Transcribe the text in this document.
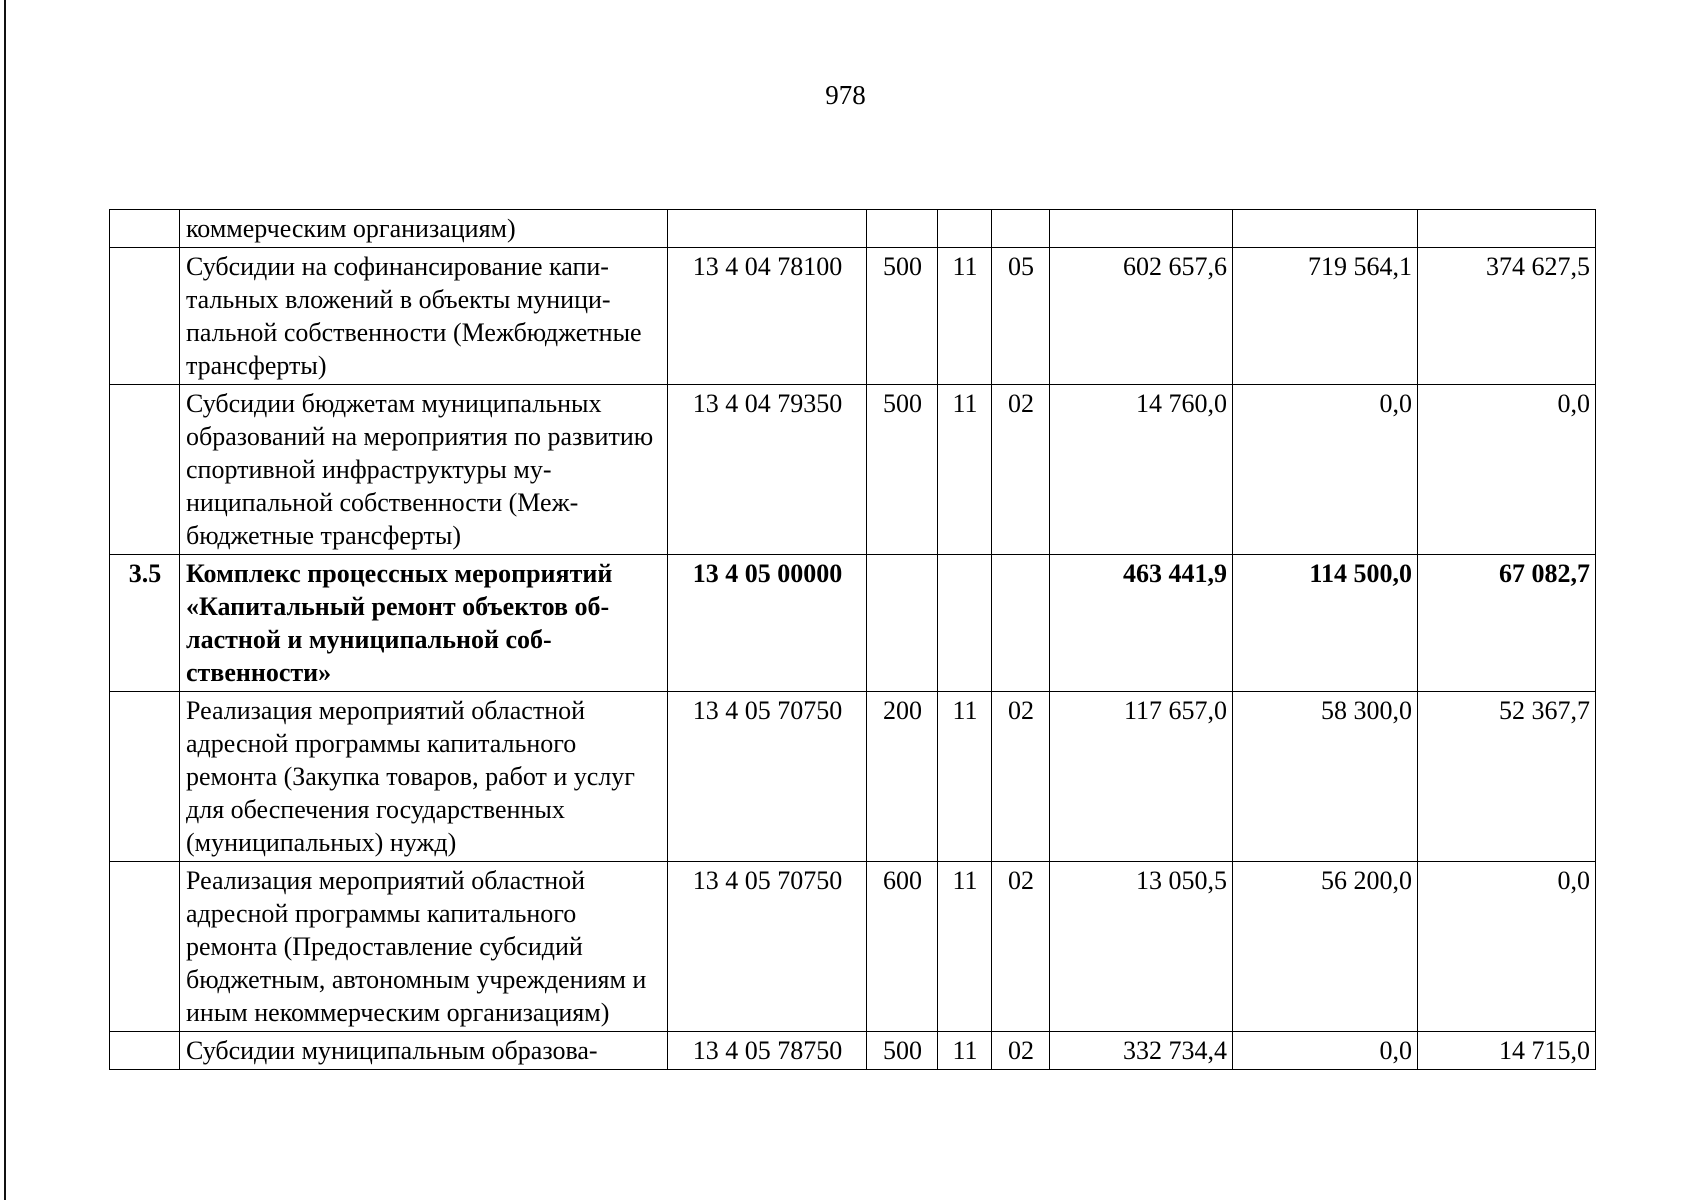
978
	коммерческим организациям)							
	Субсидии на софинансирование капитальных вложений в объекты муниципальной собственности (Межбюджетные трансферты)	13 4 04 78100	500	11	05	602 657,6	719 564,1	374 627,5
	Субсидии бюджетам муниципальных образований на мероприятия по развитию спортивной инфраструктуры муниципальной собственности (Межбюджетные трансферты)	13 4 04 79350	500	11	02	14 760,0	0,0	0,0
3.5	Комплекс процессных мероприятий «Капитальный ремонт объектов областной и муниципальной собственности»	13 4 05 00000				463 441,9	114 500,0	67 082,7
	Реализация мероприятий областной адресной программы капитального ремонта (Закупка товаров, работ и услуг для обеспечения государственных (муниципальных) нужд)	13 4 05 70750	200	11	02	117 657,0	58 300,0	52 367,7
	Реализация мероприятий областной адресной программы капитального ремонта (Предоставление субсидий бюджетным, автономным учреждениям и иным некоммерческим организациям)	13 4 05 70750	600	11	02	13 050,5	56 200,0	0,0
	Субсидии муниципальным образова-	13 4 05 78750	500	11	02	332 734,4	0,0	14 715,0
